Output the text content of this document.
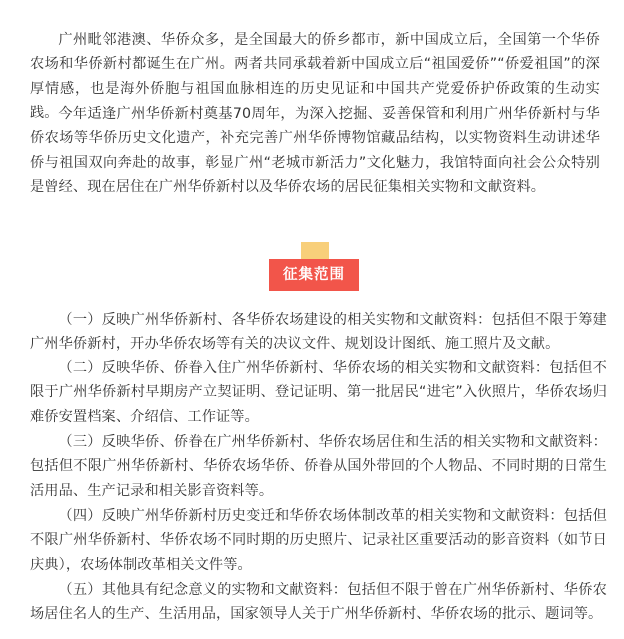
广州毗邻港澳、华侨众多，是全国最大的侨乡都市，新中国成立后，全国第一个华侨农场和华侨新村都诞生在广州。两者共同承载着新中国成立后“祖国爱侨”“侨爱祖国”的深厚情感，也是海外侨胞与祖国血脉相连的历史见证和中国共产党爱侨护侨政策的生动实践。 今年适逢广州华侨新村奠基70周年，为深入挖掘、妥善保管和利用广州华侨新村与华侨农场等华侨历史文化遗产，补充完善广州华侨博物馆藏品结构，以实物资料生动讲述华侨与祖国双向奔赴的故事，彰显广州“老城市新活力”文化魅力，我馆特面向社会公众特别是曾经、现在居住在广州华侨新村以及华侨农场的居民征集相关实物和文献资料。

征集范围

（一）反映广州华侨新村、各华侨农场建设的相关实物和文献资料：包括但不限于筹建广州华侨新村，开办华侨农场等有关的决议文件、规划设计图纸、施工照片及文献。

（二）反映华侨、侨眷入住广州华侨新村、华侨农场的相关实物和文献资料：包括但不限于广州华侨新村早期房产立契证明、登记证明、第一批居民“进宅”入伙照片，华侨农场归难侨安置档案、介绍信、工作证等。

（三）反映华侨、侨眷在广州华侨新村、华侨农场居住和生活的相关实物和文献资料：包括但不限广州华侨新村、华侨农场华侨、侨眷从国外带回的个人物品、不同时期的日常生活用品、生产记录和相关影音资料等。

（四）反映广州华侨新村历史变迁和华侨农场体制改革的相关实物和文献资料：包括但不限广州华侨新村、华侨农场不同时期的历史照片、记录社区重要活动的影音资料（如节日庆典），农场体制改革相关文件等。

（五）其他具有纪念意义的实物和文献资料：包括但不限于曾在广州华侨新村、华侨农场居住名人的生产、生活用品，国家领导人关于广州华侨新村、华侨农场的批示、题词等。
